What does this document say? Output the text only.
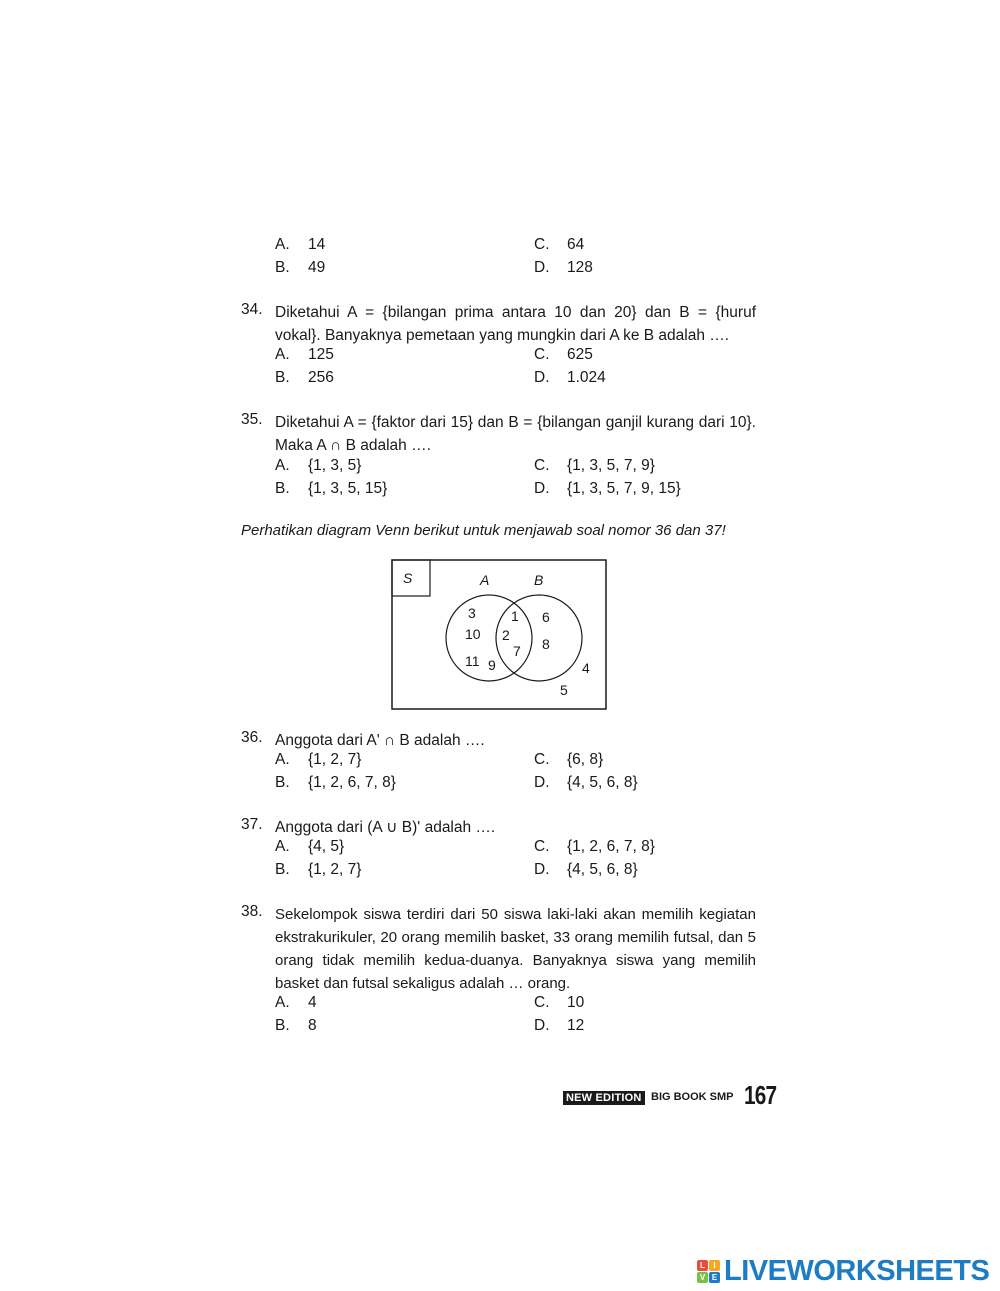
A. 14
B. 49
C. 64
D. 128
34. Diketahui A = {bilangan prima antara 10 dan 20} dan B = {huruf vokal}. Banyaknya pemetaan yang mungkin dari A ke B adalah ….
A. 125
B. 256
C. 625
D. 1.024
35. Diketahui A = {faktor dari 15} dan B = {bilangan ganjil kurang dari 10}. Maka A ∩ B adalah ….
A. {1, 3, 5}
B. {1, 3, 5, 15}
C. {1, 3, 5, 7, 9}
D. {1, 3, 5, 7, 9, 15}
Perhatikan diagram Venn berikut untuk menjawab soal nomor 36 dan 37!
S	A	B
3
10
11
1
2
7
9
6
8
4
5
36. Anggota dari A' ∩ B adalah ….
A. {1, 2, 7}
B. {1, 2, 6, 7, 8}
C. {6, 8}
D. {4, 5, 6, 8}
37. Anggota dari (A ∪ B)' adalah ….
A. {4, 5}
B. {1, 2, 7}
C. {1, 2, 6, 7, 8}
D. {4, 5, 6, 8}
38. Sekelompok siswa terdiri dari 50 siswa laki-laki akan memilih kegiatan ekstrakurikuler, 20 orang memilih basket, 33 orang memilih futsal, dan 5 orang tidak memilih kedua-duanya. Banyaknya siswa yang memilih basket dan futsal sekaligus adalah … orang.
A. 4
B. 8
C. 10
D. 12
NEW EDITION BIG BOOK SMP 167
L	I
V E LIVEWORKSHEETS
